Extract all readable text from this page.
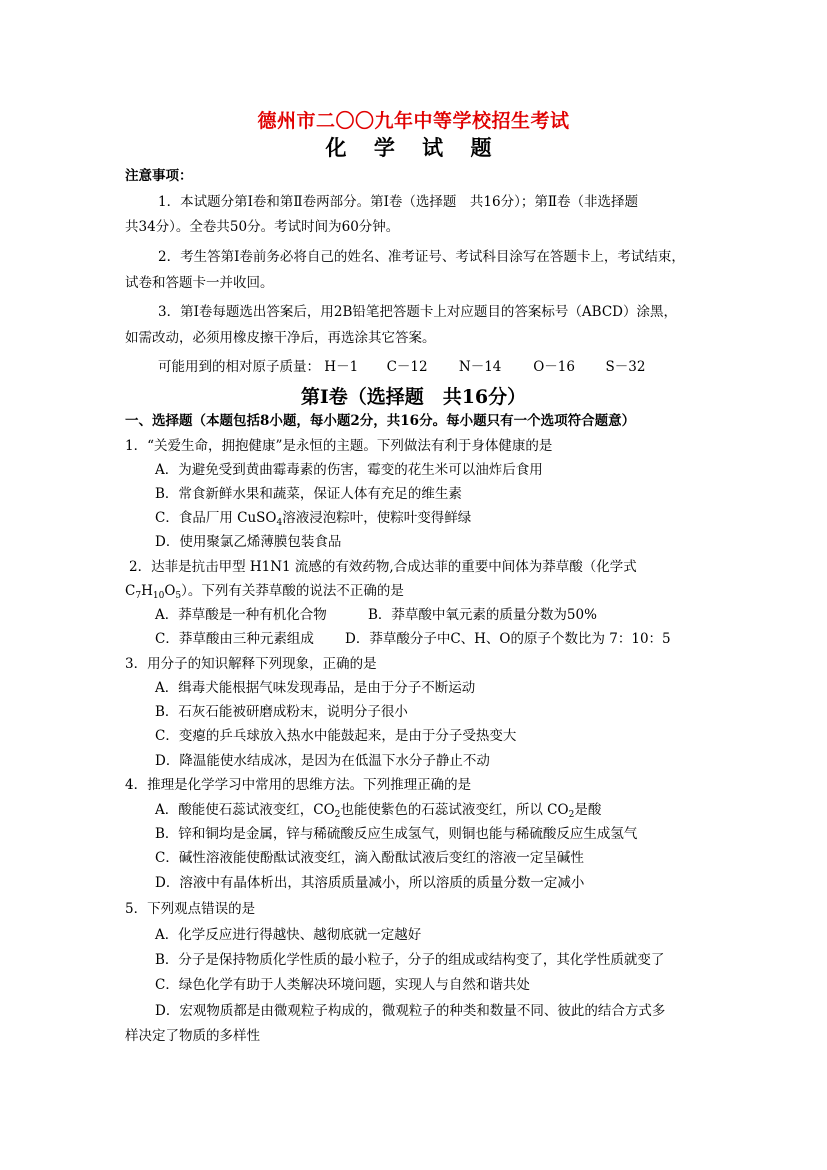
德州市二〇〇九年中等学校招生考试
化 学 试 题
注意事项：
1．本试题分第Ⅰ卷和第Ⅱ卷两部分。第Ⅰ卷（选择题　共16分）；第Ⅱ卷（非选择题
共34分）。全卷共50分。考试时间为60分钟。
2．考生答第Ⅰ卷前务必将自己的姓名、准考证号、考试科目涂写在答题卡上，考试结束，
试卷和答题卡一并收回。
3．第Ⅰ卷每题选出答案后，用2B铅笔把答题卡上对应题目的答案标号（ABCD）涂黑，
如需改动，必须用橡皮擦干净后，再选涂其它答案。
可能用到的相对原子质量： H－1 C－12 N－14 O－16 S－32
第Ⅰ卷（选择题　共16分）
一、选择题（本题包括8小题，每小题2分，共16分。每小题只有一个选项符合题意）
1．“关爱生命，拥抱健康”是永恒的主题。下列做法有利于身体健康的是
A．为避免受到黄曲霉毒素的伤害，霉变的花生米可以油炸后食用
B．常食新鲜水果和蔬菜，保证人体有充足的维生素
C．食品厂用 CuSO$_4$溶液浸泡粽叶，使粽叶变得鲜绿
D．使用聚氯乙烯薄膜包装食品
2．达菲是抗击甲型 H1N1 流感的有效药物,合成达菲的重要中间体为莽草酸（化学式
$C_7H_{10}O_5$）。下列有关莽草酸的说法不正确的是
A．莽草酸是一种有机化合物	B．莽草酸中氧元素的质量分数为50%
C．莽草酸由三种元素组成 D．莽草酸分子中C、H、O的原子个数比为 7：10：5
3．用分子的知识解释下列现象，正确的是
A．缉毒犬能根据气味发现毒品，是由于分子不断运动
B．石灰石能被研磨成粉末，说明分子很小
C．变瘪的乒乓球放入热水中能鼓起来，是由于分子受热变大
D．降温能使水结成冰，是因为在低温下水分子静止不动
4．推理是化学学习中常用的思维方法。下列推理正确的是
A．酸能使石蕊试液变红，$CO_2$也能使紫色的石蕊试液变红，所以 $CO_2$是酸
B．锌和铜均是金属，锌与稀硫酸反应生成氢气，则铜也能与稀硫酸反应生成氢气
C．碱性溶液能使酚酞试液变红，滴入酚酞试液后变红的溶液一定呈碱性
D．溶液中有晶体析出，其溶质质量减小，所以溶质的质量分数一定减小
5．下列观点错误的是
A．化学反应进行得越快、越彻底就一定越好
B．分子是保持物质化学性质的最小粒子，分子的组成或结构变了，其化学性质就变了
C．绿色化学有助于人类解决环境问题，实现人与自然和谐共处
D．宏观物质都是由微观粒子构成的，微观粒子的种类和数量不同、彼此的结合方式多
样决定了物质的多样性
